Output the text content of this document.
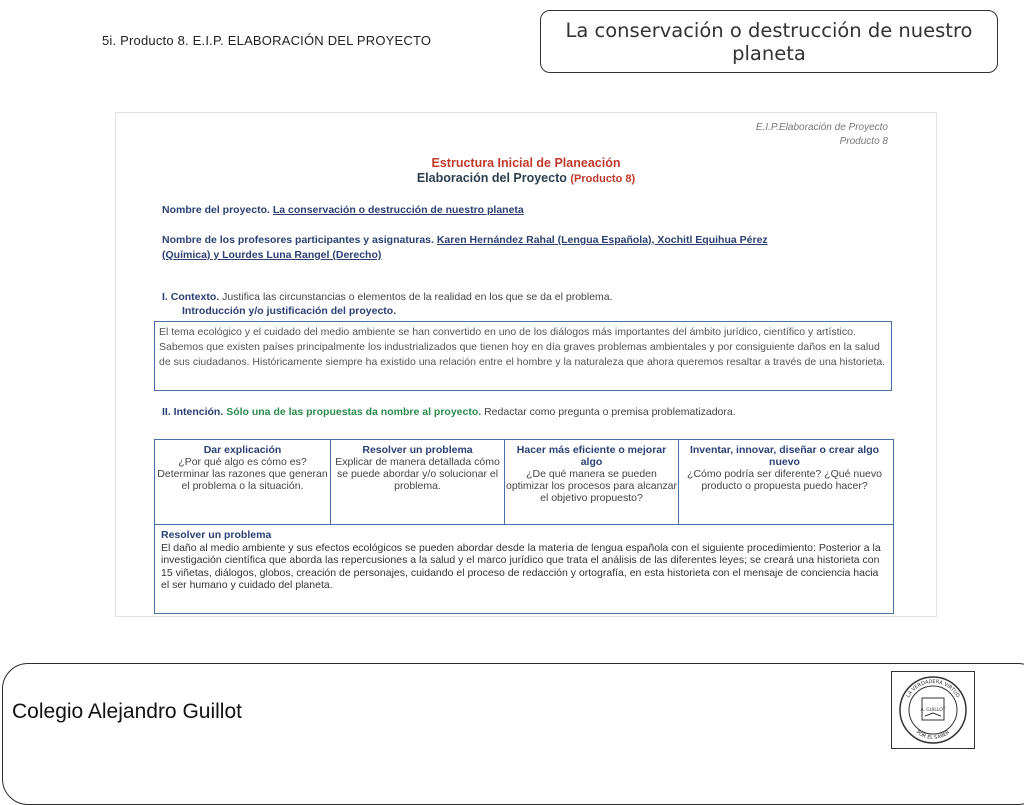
5i. Producto 8. E.I.P. ELABORACIÓN DEL PROYECTO	La conservación o destrucción de nuestro planeta
E.I.P.Elaboración de Proyecto
Producto 8
Estructura Inicial de Planeación
Elaboración del Proyecto (Producto 8)
Nombre del proyecto. La conservación o destrucción de nuestro planeta
Nombre de los profesores participantes y asignaturas. Karen Hernández Rahal (Lengua Española), Xochitl Equihua Pérez
(Química) y Lourdes Luna Rangel (Derecho)
I. Contexto. Justifica las circunstancias o elementos de la realidad en los que se da el problema.
Introducción y/o justificación del proyecto.
El tema ecológico y el cuidado del medio ambiente se han convertido en uno de los diálogos más importantes del ámbito jurídico, científico y artístico. Sabemos que existen países principalmente los industrializados que tienen hoy en día graves problemas ambientales y por consiguiente daños en la salud de sus ciudadanos. Históricamente siempre ha existido una relación entre el hombre y la naturaleza que ahora queremos resaltar a través de una historieta.
II. Intención. Sólo una de las propuestas da nombre al proyecto. Redactar como pregunta o premisa problematizadora.
Dar explicación
¿Por qué algo es cómo es? Determinar las razones que generan el problema o la situación.
Resolver un problema
Explicar de manera detallada cómo se puede abordar y/o solucionar el problema.
Hacer más eficiente o mejorar algo
¿De qué manera se pueden optimizar los procesos para alcanzar el objetivo propuesto?
Inventar, innovar, diseñar o crear algo nuevo
¿Cómo podría ser diferente? ¿Qué nuevo producto o propuesta puedo hacer?
Resolver un problema
El daño al medio ambiente y sus efectos ecológicos se pueden abordar desde la materia de lengua española con el siguiente procedimiento: Posterior a la investigación científica que aborda las repercusiones a la salud y el marco jurídico que trata el análisis de las diferentes leyes; se creará una historieta con 15 viñetas, diálogos, globos, creación de personajes, cuidando el proceso de redacción y ortografía, en esta historieta con el mensaje de conciencia hacia el ser humano y cuidado del planeta.
Colegio Alejandro Guillot
LA VERDADERA VIRTUD
POR EL SABER
A. GUILLOT
